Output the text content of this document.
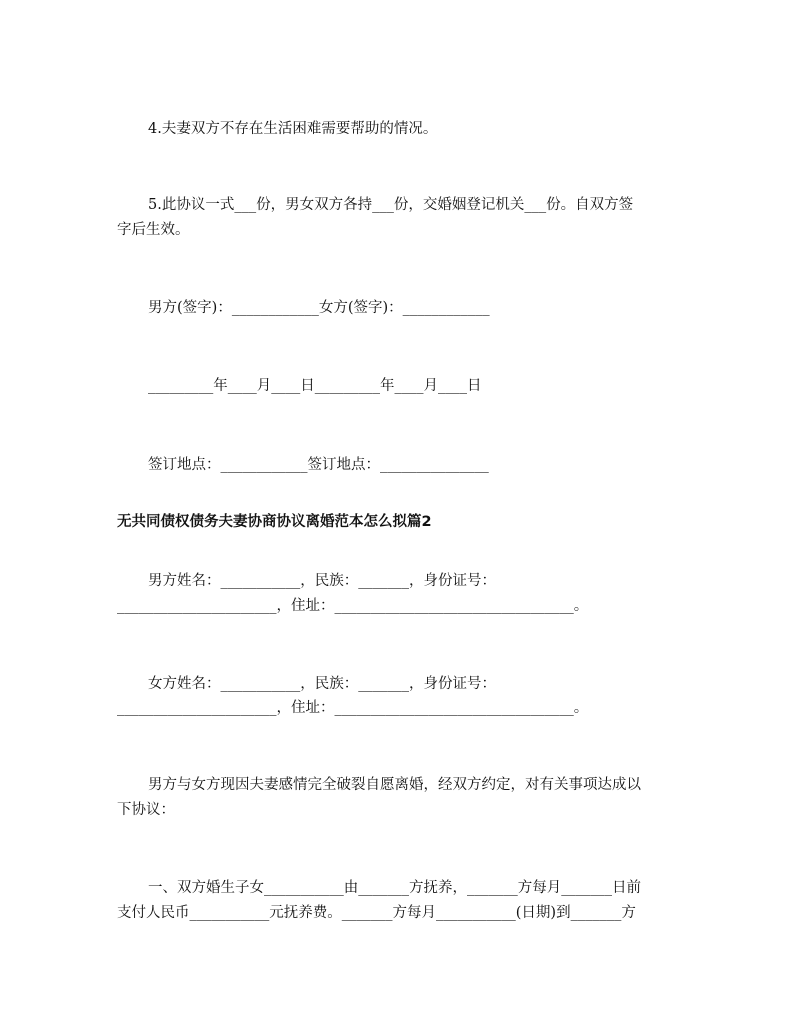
4.夫妻双方不存在生活困难需要帮助的情况。
5.此协议一式___份，男女双方各持___份，交婚姻登记机关___份。自双方签
字后生效。
男方(签字)：____________女方(签字)：____________
_________年____月____日_________年____月____日
签订地点：____________签订地点：_______________
无共同债权债务夫妻协商协议离婚范本怎么拟篇2
男方姓名：___________，民族：_______，身份证号：
______________________，住址：_________________________________。
女方姓名：___________，民族：_______，身份证号：
______________________，住址：_________________________________。
男方与女方现因夫妻感情完全破裂自愿离婚，经双方约定，对有关事项达成以
下协议：
一、双方婚生子女___________由_______方抚养，_______方每月_______日前
支付人民币___________元抚养费。_______方每月___________(日期)到_______方
